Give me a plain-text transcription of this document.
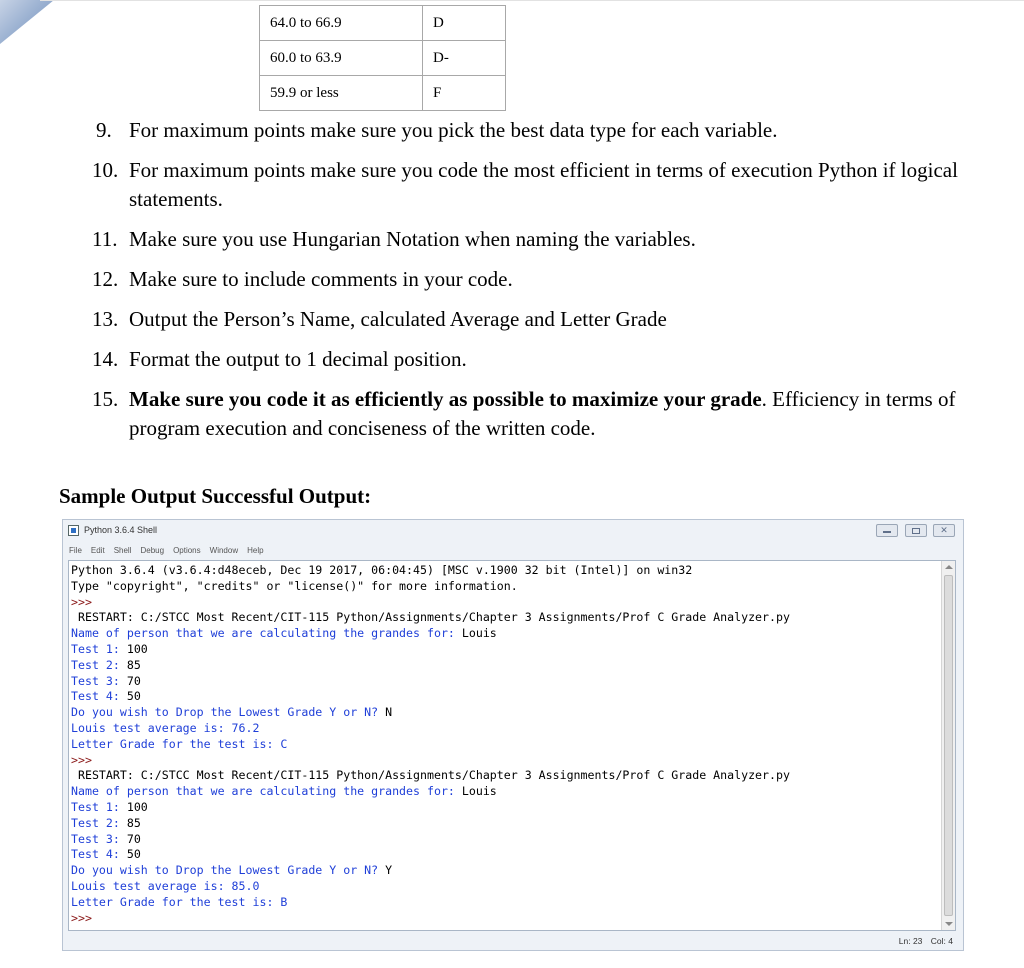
64.0 to 66.9	D
60.0 to 63.9	D-
59.9 or less	F
9. For maximum points make sure you pick the best data type for each variable.
10. For maximum points make sure you code the most efficient in terms of execution Python if logical statements.
11. Make sure you use Hungarian Notation when naming the variables.
12. Make sure to include comments in your code.
13. Output the Person’s Name, calculated Average and Letter Grade
14. Format the output to 1 decimal position.
15. Make sure you code it as efficiently as possible to maximize your grade. Efficiency in terms of program execution and conciseness of the written code.
Sample Output Successful Output:
Python 3.6.4 Shell	✕
File Edit Shell Debug Options Window Help
Python 3.6.4 (v3.6.4:d48eceb, Dec 19 2017, 06:04:45) [MSC v.1900 32 bit (Intel)] on win32
Type "copyright", "credits" or "license()" for more information.
>>>
RESTART: C:/STCC Most Recent/CIT-115 Python/Assignments/Chapter 3 Assignments/Prof C Grade Analyzer.py
Name of person that we are calculating the grandes for: Louis
Test 1: 100
Test 2: 85
Test 3: 70
Test 4: 50
Do you wish to Drop the Lowest Grade Y or N? N
Louis test average is: 76.2
Letter Grade for the test is: C
>>>
RESTART: C:/STCC Most Recent/CIT-115 Python/Assignments/Chapter 3 Assignments/Prof C Grade Analyzer.py
Name of person that we are calculating the grandes for: Louis
Test 1: 100
Test 2: 85
Test 3: 70
Test 4: 50
Do you wish to Drop the Lowest Grade Y or N? Y
Louis test average is: 85.0
Letter Grade for the test is: B
>>>
Ln: 23 Col: 4
